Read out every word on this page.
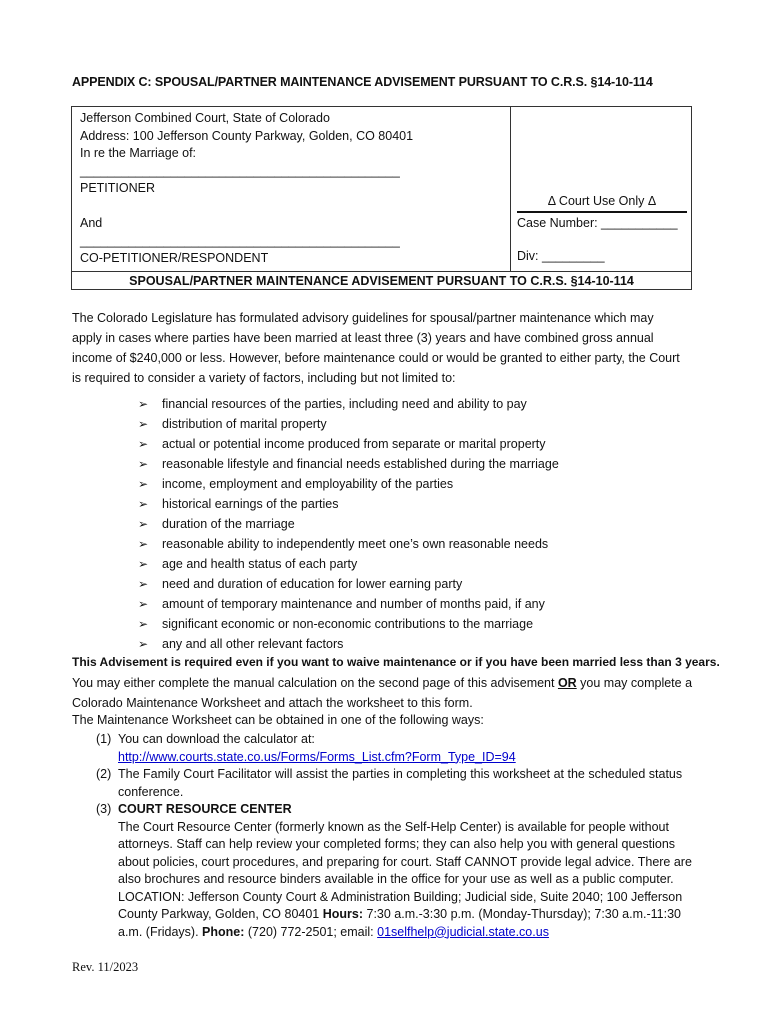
APPENDIX C: SPOUSAL/PARTNER MAINTENANCE ADVISEMENT PURSUANT TO C.R.S. §14-10-114
Jefferson Combined Court, State of Colorado
Address: 100 Jefferson County Parkway, Golden, CO 80401
In re the Marriage of:
______________________________________________
PETITIONER
And
______________________________________________
CO-PETITIONER/RESPONDENT
Δ Court Use Only Δ
Case Number: ___________
Div: _________
SPOUSAL/PARTNER MAINTENANCE ADVISEMENT PURSUANT TO C.R.S. §14-10-114
The Colorado Legislature has formulated advisory guidelines for spousal/partner maintenance which may apply in cases where parties have been married at least three (3) years and have combined gross annual income of $240,000 or less. However, before maintenance could or would be granted to either party, the Court is required to consider a variety of factors, including but not limited to:
➢ financial resources of the parties, including need and ability to pay
➢ distribution of marital property
➢ actual or potential income produced from separate or marital property
➢ reasonable lifestyle and financial needs established during the marriage
➢ income, employment and employability of the parties
➢ historical earnings of the parties
➢ duration of the marriage
➢ reasonable ability to independently meet one’s own reasonable needs
➢ age and health status of each party
➢ need and duration of education for lower earning party
➢ amount of temporary maintenance and number of months paid, if any
➢ significant economic or non-economic contributions to the marriage
➢ any and all other relevant factors
This Advisement is required even if you want to waive maintenance or if you have been married less than 3 years.
You may either complete the manual calculation on the second page of this advisement OR you may complete a Colorado Maintenance Worksheet and attach the worksheet to this form.
The Maintenance Worksheet can be obtained in one of the following ways:
(1) You can download the calculator at:
http://www.courts.state.co.us/Forms/Forms_List.cfm?Form_Type_ID=94
(2) The Family Court Facilitator will assist the parties in completing this worksheet at the scheduled status conference.
(3) COURT RESOURCE CENTER
The Court Resource Center (formerly known as the Self-Help Center) is available for people without attorneys. Staff can help review your completed forms; they can also help you with general questions about policies, court procedures, and preparing for court. Staff CANNOT provide legal advice. There are also brochures and resource binders available in the office for your use as well as a public computer. LOCATION: Jefferson County Court & Administration Building; Judicial side, Suite 2040; 100 Jefferson County Parkway, Golden, CO 80401 Hours: 7:30 a.m.-3:30 p.m. (Monday-Thursday); 7:30 a.m.-11:30 a.m. (Fridays). Phone: (720) 772-2501; email: 01selfhelp@judicial.state.co.us
Rev. 11/2023
